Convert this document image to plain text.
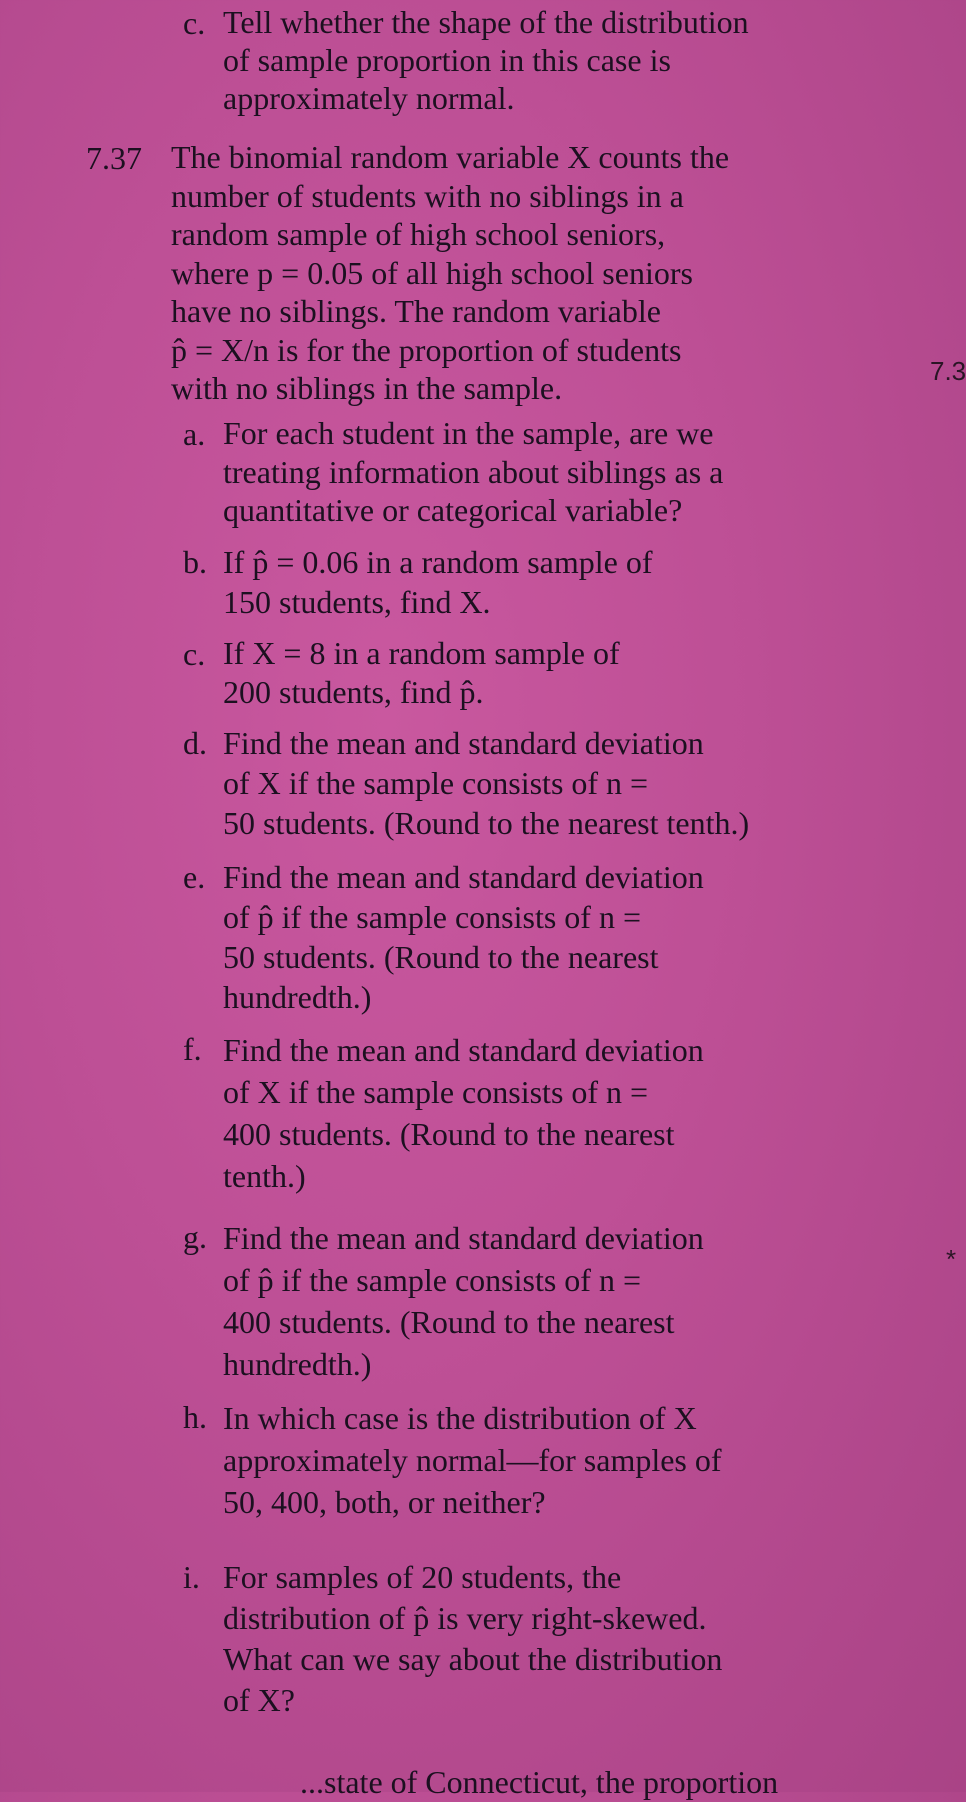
c. Tell whether the shape of the distribution
of sample proportion in this case is
approximately normal.
7.37 The binomial random variable X counts the
number of students with no siblings in a
random sample of high school seniors,
where p = 0.05 of all high school seniors
have no siblings. The random variable
p̂ = X/n is for the proportion of students
with no siblings in the sample.
a. For each student in the sample, are we
treating information about siblings as a
quantitative or categorical variable?
b. If p̂ = 0.06 in a random sample of
150 students, find X.
c. If X = 8 in a random sample of
200 students, find p̂.
d. Find the mean and standard deviation
of X if the sample consists of n =
50 students. (Round to the nearest tenth.)
e. Find the mean and standard deviation
of p̂ if the sample consists of n =
50 students. (Round to the nearest
hundredth.)
f. Find the mean and standard deviation
of X if the sample consists of n =
400 students. (Round to the nearest
tenth.)
g. Find the mean and standard deviation
of p̂ if the sample consists of n =
400 students. (Round to the nearest
hundredth.)
h. In which case is the distribution of X
approximately normal—for samples of
50, 400, both, or neither?
i. For samples of 20 students, the
distribution of p̂ is very right-skewed.
What can we say about the distribution
of X?
...state of Connecticut, the proportion
7.3
*
